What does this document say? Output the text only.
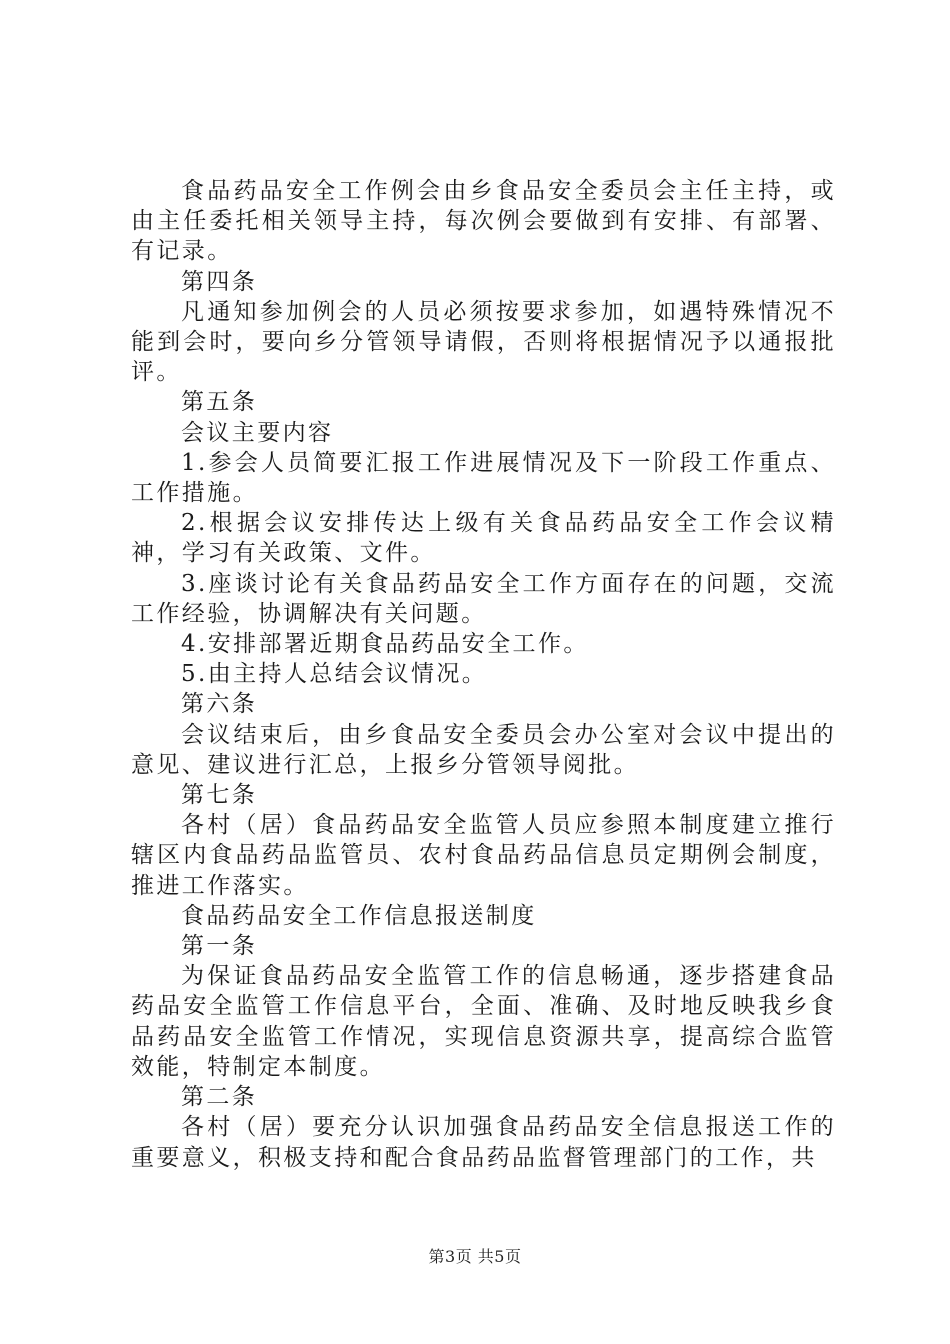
食品药品安全工作例会由乡食品安全委员会主任主持，或由主任委托相关领导主持，每次例会要做到有安排、有部署、有记录。

第四条

凡通知参加例会的人员必须按要求参加，如遇特殊情况不能到会时，要向乡分管领导请假，否则将根据情况予以通报批评。

第五条

会议主要内容

1.参会人员简要汇报工作进展情况及下一阶段工作重点、工作措施。

2.根据会议安排传达上级有关食品药品安全工作会议精神，学习有关政策、文件。

3.座谈讨论有关食品药品安全工作方面存在的问题，交流工作经验，协调解决有关问题。

4.安排部署近期食品药品安全工作。

5.由主持人总结会议情况。

第六条

会议结束后，由乡食品安全委员会办公室对会议中提出的意见、建议进行汇总，上报乡分管领导阅批。

第七条

各村（居）食品药品安全监管人员应参照本制度建立推行辖区内食品药品监管员、农村食品药品信息员定期例会制度，推进工作落实。

食品药品安全工作信息报送制度

第一条

为保证食品药品安全监管工作的信息畅通，逐步搭建食品药品安全监管工作信息平台，全面、准确、及时地反映我乡食品药品安全监管工作情况，实现信息资源共享，提高综合监管效能，特制定本制度。

第二条

各村（居）要充分认识加强食品药品安全信息报送工作的重要意义，积极支持和配合食品药品监督管理部门的工作，共

第3页 共5页
